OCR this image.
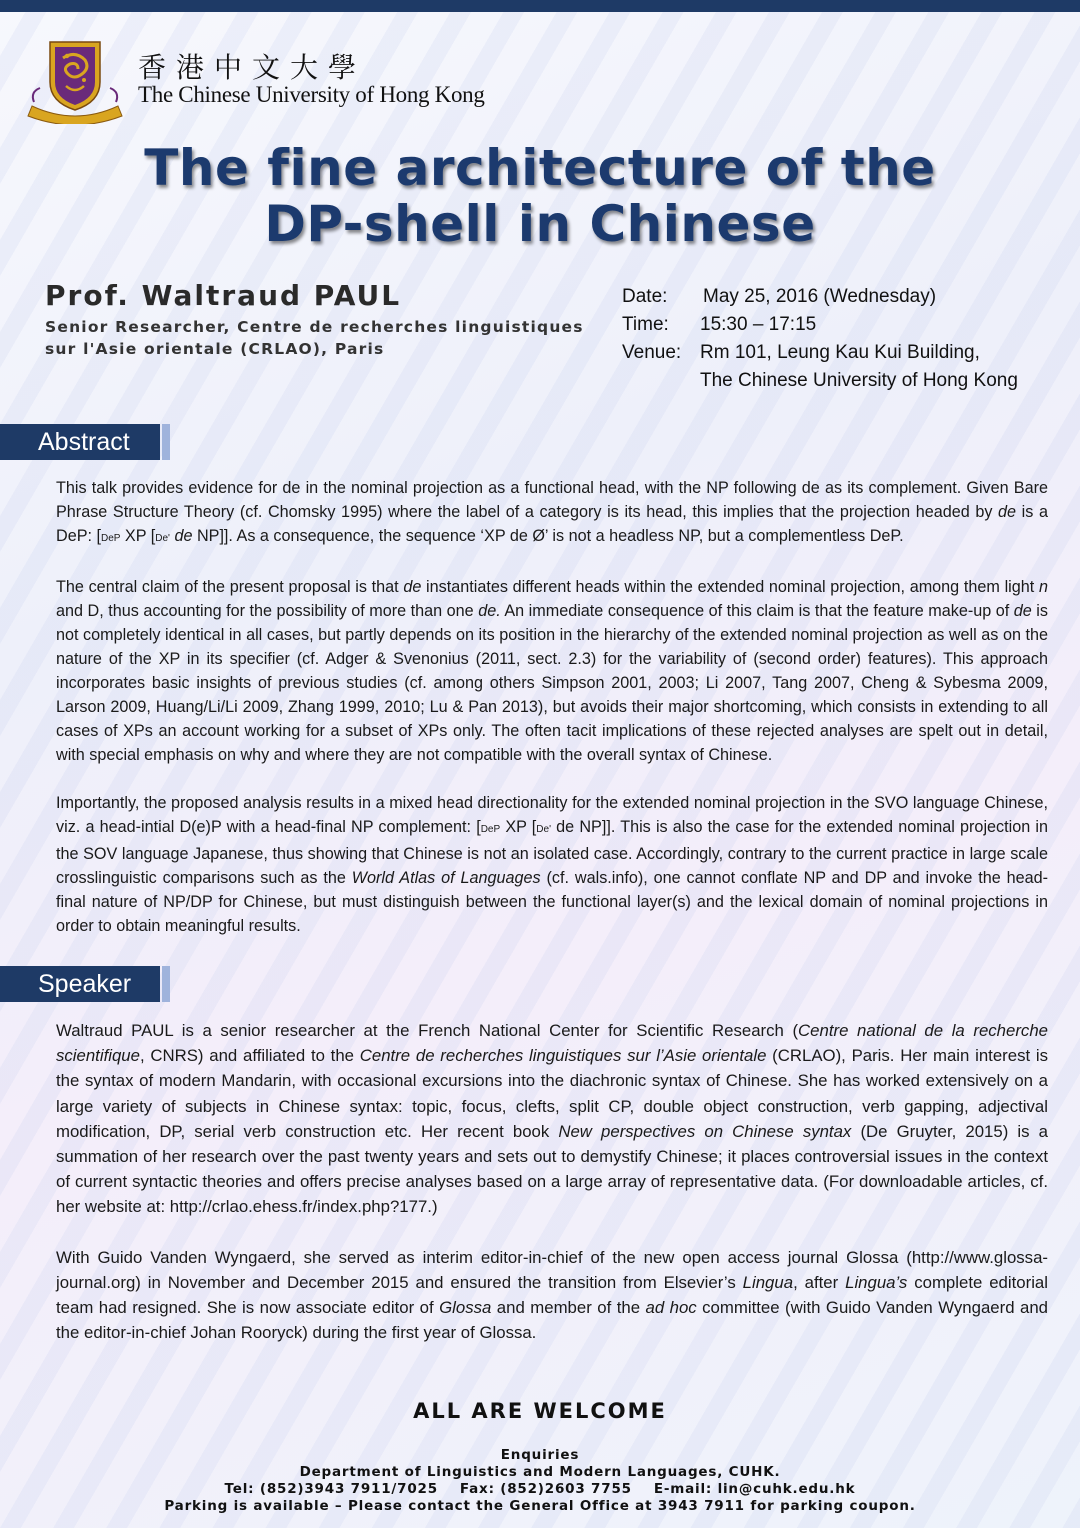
香港中文大學
The Chinese University of Hong Kong
The fine architecture of the
DP-shell in Chinese
Prof. Waltraud PAUL
Senior Researcher, Centre de recherches linguistiques
sur l'Asie orientale (CRLAO), Paris
Date:	May 25, 2016 (Wednesday)
Time:	15:30 – 17:15
Venue: Rm 101, Leung Kau Kui Building,
The Chinese University of Hong Kong
Abstract

This talk provides evidence for de in the nominal projection as a functional head, with the NP following de as its complement. Given Bare Phrase Structure Theory (cf. Chomsky 1995) where the label of a category is its head, this implies that the projection headed by de is a DeP: [DeP XP [De' de NP]]. As a consequence, the sequence ‘XP de Ø’ is not a headless NP, but a complementless DeP.

The central claim of the present proposal is that de instantiates different heads within the extended nominal projection, among them light n and D, thus accounting for the possibility of more than one de. An immediate consequence of this claim is that the feature make-up of de is not completely identical in all cases, but partly depends on its position in the hierarchy of the extended nominal projection as well as on the nature of the XP in its specifier (cf. Adger & Svenonius (2011, sect. 2.3) for the variability of (second order) features). This approach incorporates basic insights of previous studies (cf. among others Simpson 2001, 2003; Li 2007, Tang 2007, Cheng & Sybesma 2009, Larson 2009, Huang/Li/Li 2009, Zhang 1999, 2010; Lu & Pan 2013), but avoids their major shortcoming, which consists in extending to all cases of XPs an account working for a subset of XPs only. The often tacit implications of these rejected analyses are spelt out in detail, with special emphasis on why and where they are not compatible with the overall syntax of Chinese.

Importantly, the proposed analysis results in a mixed head directionality for the extended nominal projection in the SVO language Chinese, viz. a head-intial D(e)P with a head-final NP complement: [DeP XP [De' de NP]]. This is also the case for the extended nominal projection in the SOV language Japanese, thus showing that Chinese is not an isolated case. Accordingly, contrary to the current practice in large scale crosslinguistic comparisons such as the World Atlas of Languages (cf. wals.info), one cannot conflate NP and DP and invoke the head-final nature of NP/DP for Chinese, but must distinguish between the functional layer(s) and the lexical domain of nominal projections in order to obtain meaningful results.

Speaker

Waltraud PAUL is a senior researcher at the French National Center for Scientific Research (Centre national de la recherche scientifique, CNRS) and affiliated to the Centre de recherches linguistiques sur l’Asie orientale (CRLAO), Paris. Her main interest is the syntax of modern Mandarin, with occasional excursions into the diachronic syntax of Chinese. She has worked extensively on a large variety of subjects in Chinese syntax: topic, focus, clefts, split CP, double object construction, verb gapping, adjectival modification, DP, serial verb construction etc. Her recent book New perspectives on Chinese syntax (De Gruyter, 2015) is a summation of her research over the past twenty years and sets out to demystify Chinese; it places controversial issues in the context of current syntactic theories and offers precise analyses based on a large array of representative data. (For downloadable articles, cf. her website at: http://crlao.ehess.fr/index.php?177.)

With Guido Vanden Wyngaerd, she served as interim editor-in-chief of the new open access journal Glossa (http://www.glossa-journal.org) in November and December 2015 and ensured the transition from Elsevier’s Lingua, after Lingua’s complete editorial team had resigned. She is now associate editor of Glossa and member of the ad hoc committee (with Guido Vanden Wyngaerd and the editor-in-chief Johan Rooryck) during the first year of Glossa.

ALL ARE WELCOME
Enquiries
Department of Linguistics and Modern Languages, CUHK.
Tel: (852)3943 7911/7025    Fax: (852)2603 7755    E-mail: lin@cuhk.edu.hk
Parking is available – Please contact the General Office at 3943 7911 for parking coupon.
